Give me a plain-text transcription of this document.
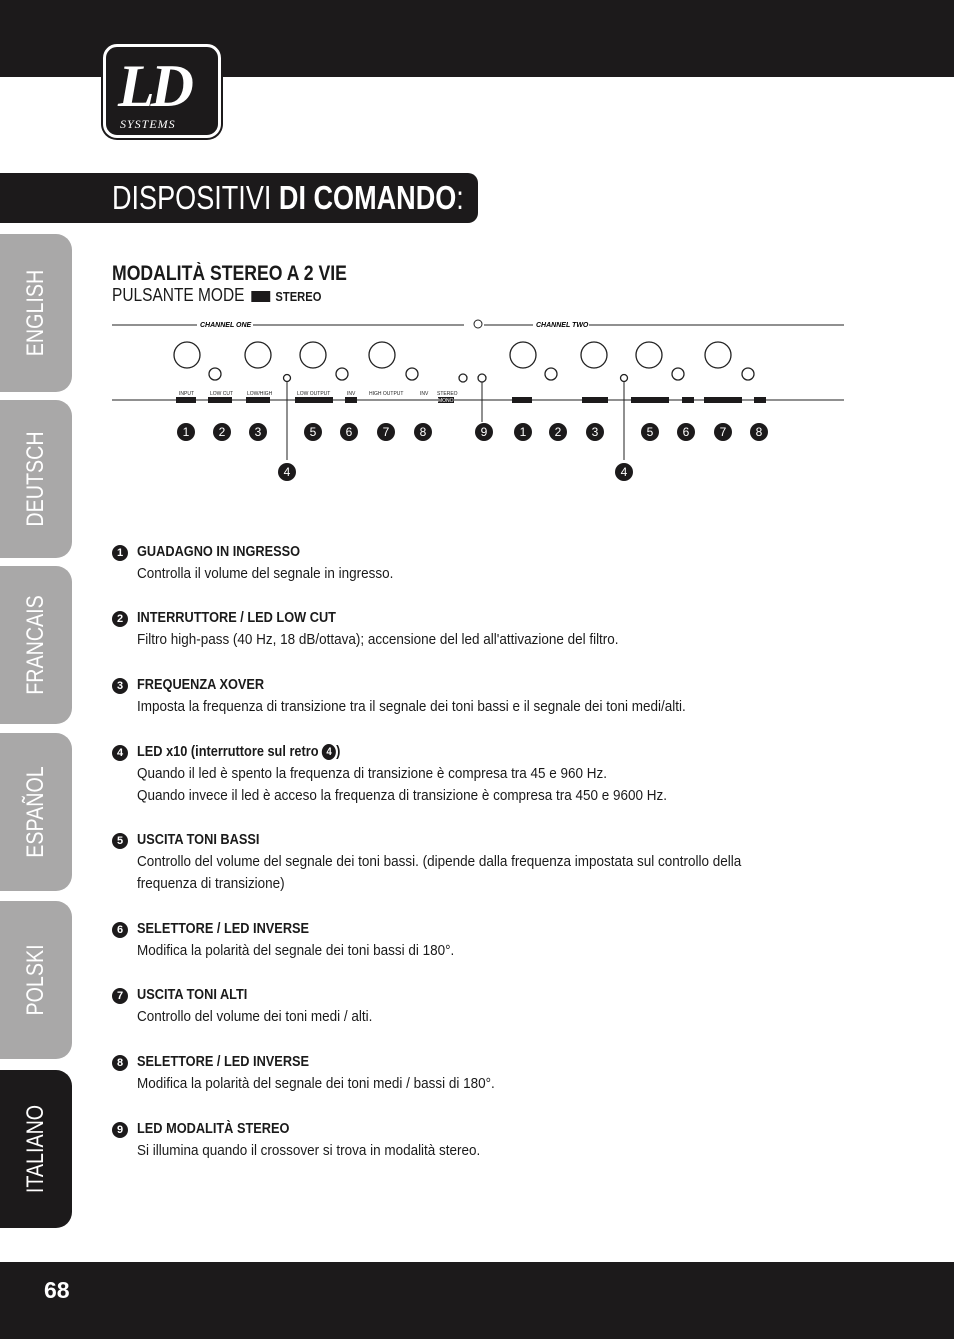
LD
SYSTEMS
DISPOSITIVI DI COMANDO:
ENGLISH
DEUTSCH
FRANCAIS
ESPAÑOL
POLSKI
ITALIANO
MODALITÀ STEREO A 2 VIE
PULSANTE MODE STEREO
CHANNEL ONE	CHANNEL TWO
INPUT	LOW CUT	LOW/HIGH	LOW OUTPUT	INV	HIGH OUTPUT	INV STEREO
MONO
1 2 3	5 6	7	8	9	1 2	3	5 6	7 8
4	4
1 GUADAGNO IN INGRESSO
Controlla il volume del segnale in ingresso.
2 INTERRUTTORE / LED LOW CUT
Filtro high-pass (40 Hz, 18 dB/ottava); accensione del led all'attivazione del filtro.
3 FREQUENZA XOVER
Imposta la frequenza di transizione tra il segnale dei toni bassi e il segnale dei toni medi/alti.
4 LED x10 (interruttore sul retro 4 )
Quando il led è spento la frequenza di transizione è compresa tra 45 e 960 Hz.
Quando invece il led è acceso la frequenza di transizione è compresa tra 450 e 9600 Hz.
5 USCITA TONI BASSI
Controllo del volume del segnale dei toni bassi. (dipende dalla frequenza impostata sul controllo della
frequenza di transizione)
6 SELETTORE / LED INVERSE
Modifica la polarità del segnale dei toni bassi di 180°.
7 USCITA TONI ALTI
Controllo del volume dei toni medi / alti.
8 SELETTORE / LED INVERSE
Modifica la polarità del segnale dei toni medi / bassi di 180°.
9 LED MODALITÀ STEREO
Si illumina quando il crossover si trova in modalità stereo.
68
